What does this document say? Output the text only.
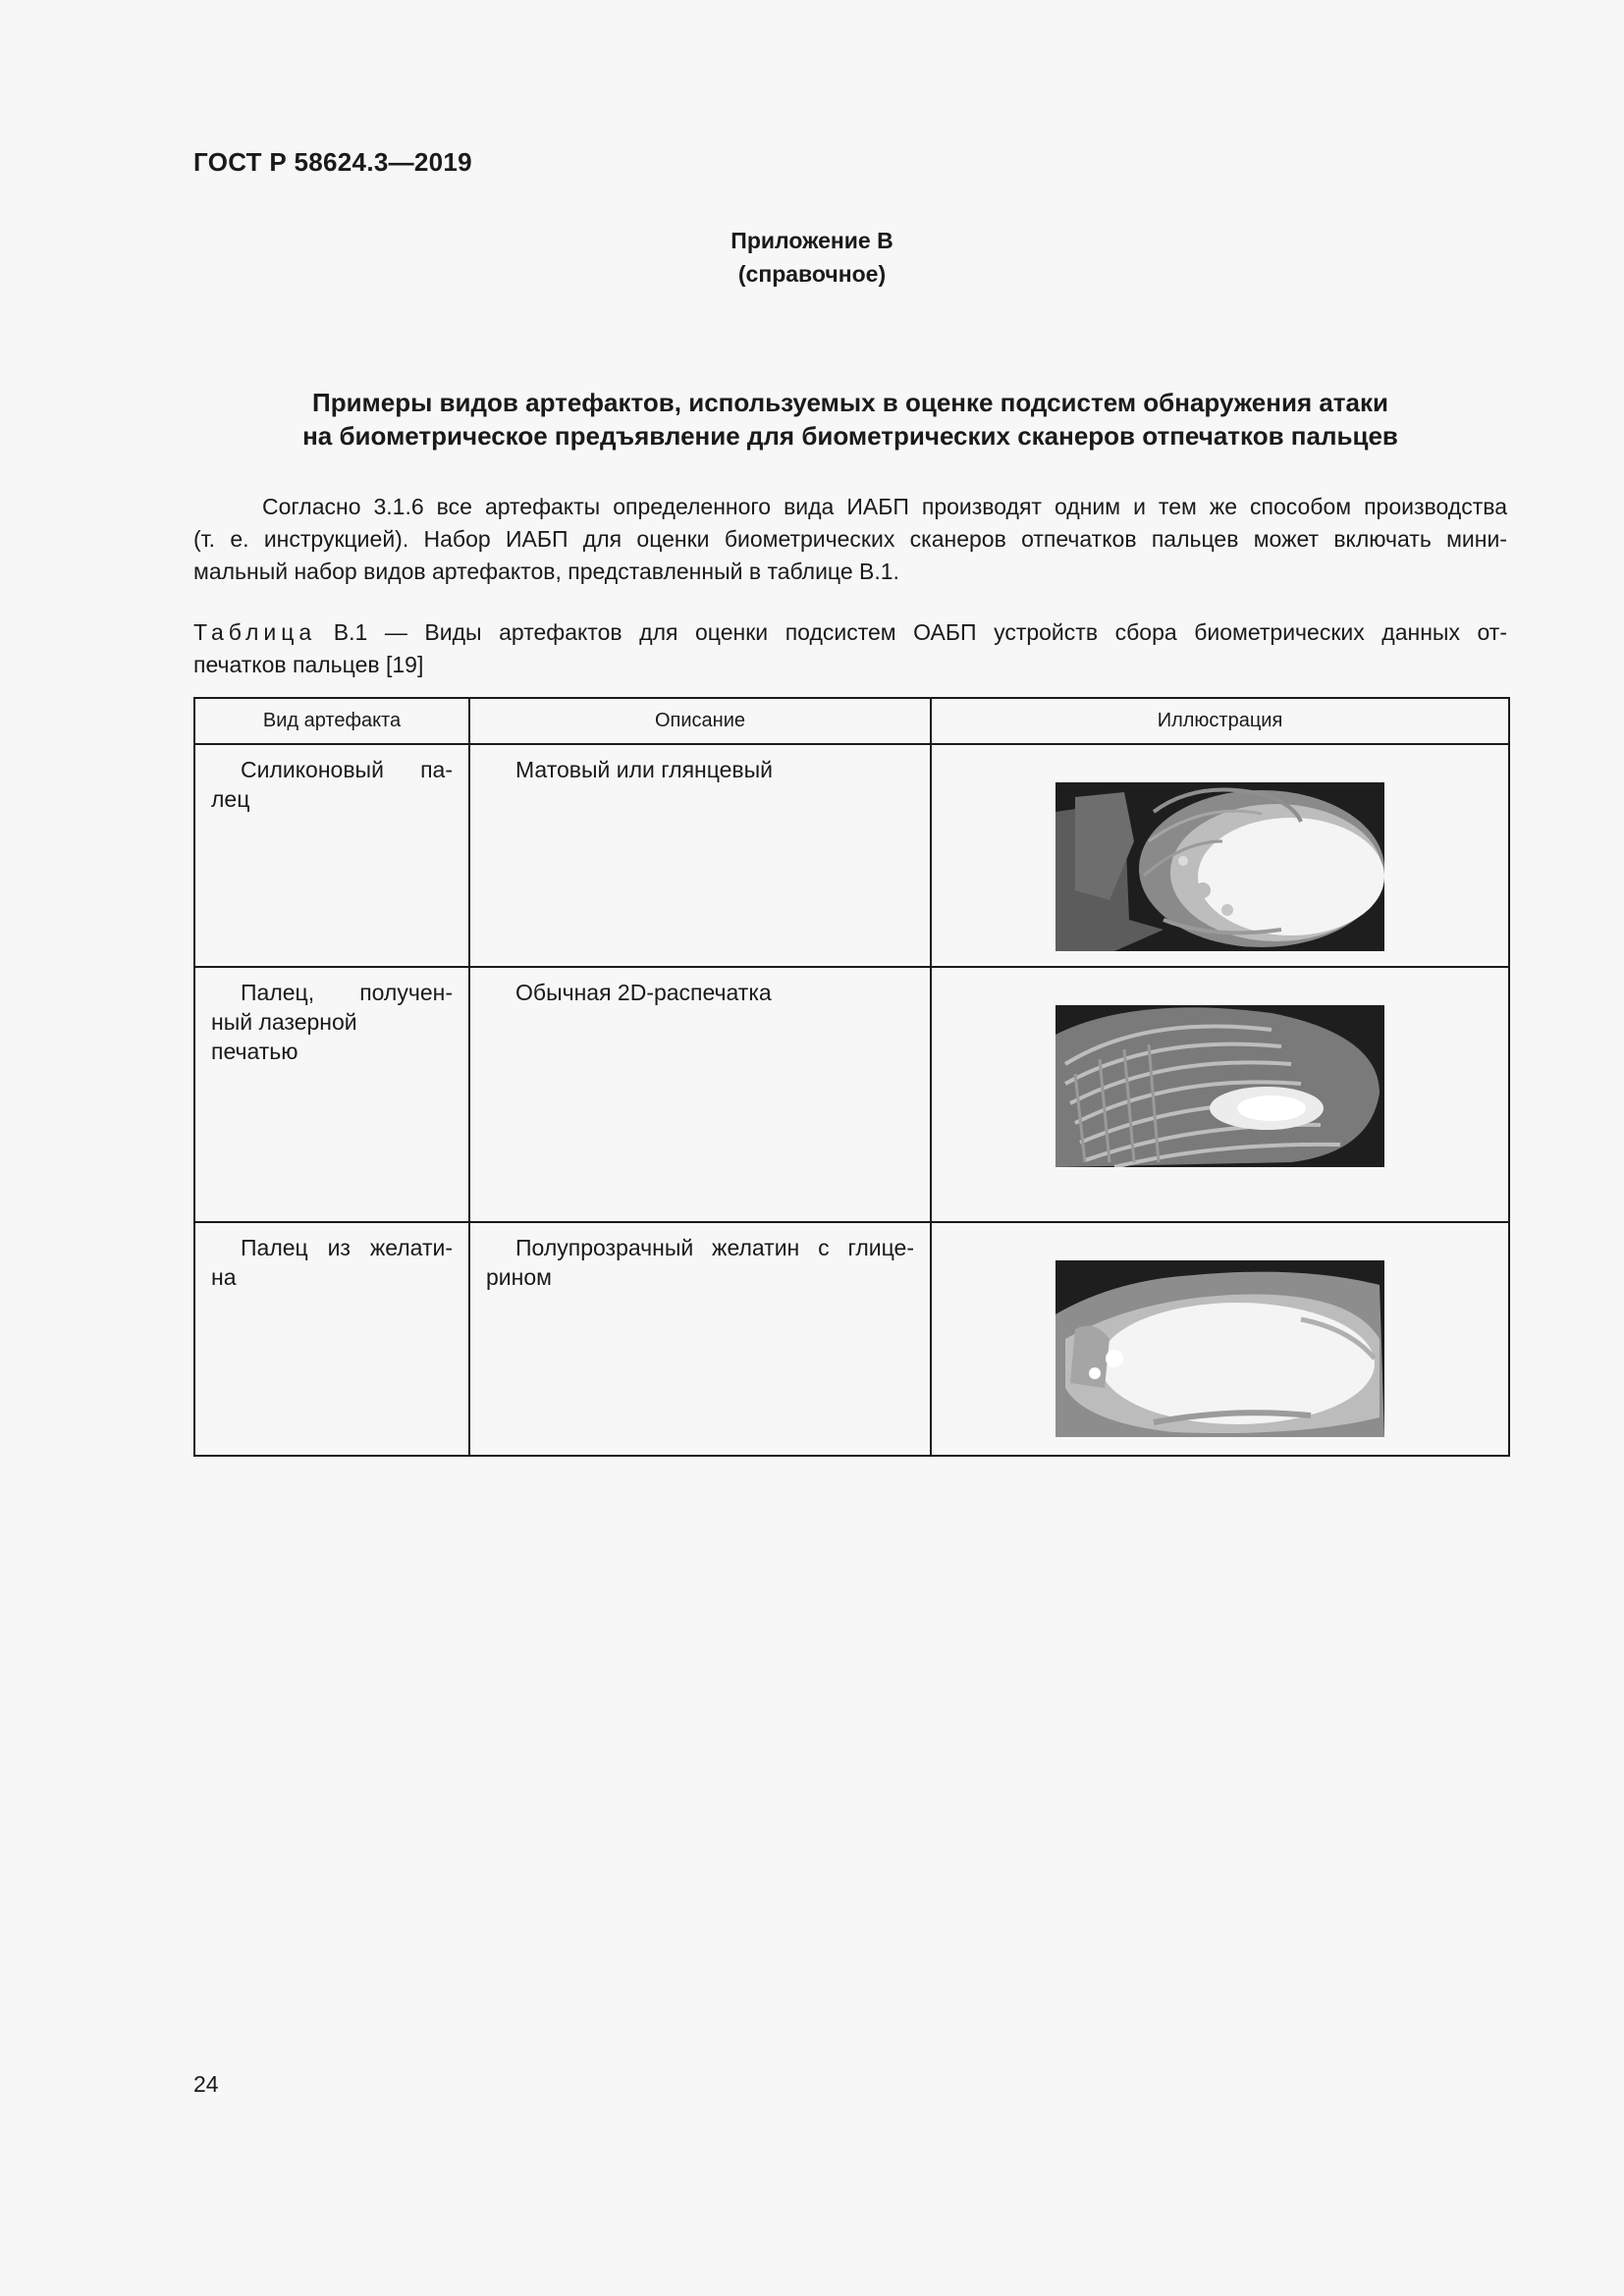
ГОСТ Р 58624.3—2019
Приложение В
(справочное)
Примеры видов артефактов, используемых в оценке подсистем обнаружения атаки
на биометрическое предъявление для биометрических сканеров отпечатков пальцев
Согласно 3.1.6 все артефакты определенного вида ИАБП производят одним и тем же способом производства
(т. е. инструкцией). Набор ИАБП для оценки биометрических сканеров отпечатков пальцев может включать мини-
мальный набор видов артефактов, представленный в таблице В.1.
Таблица В.1 — Виды артефактов для оценки подсистем ОАБП устройств сбора биометрических данных от-
печатков пальцев [19]
Вид артефакта	Описание	Иллюстрация

Силиконовый па-
лец	Матовый или глянцевый

Палец, получен-
ный лазерной
печатью	Обычная 2D-распечатка

Палец из желати-
на	Полупрозрачный желатин с глице-
рином

24
